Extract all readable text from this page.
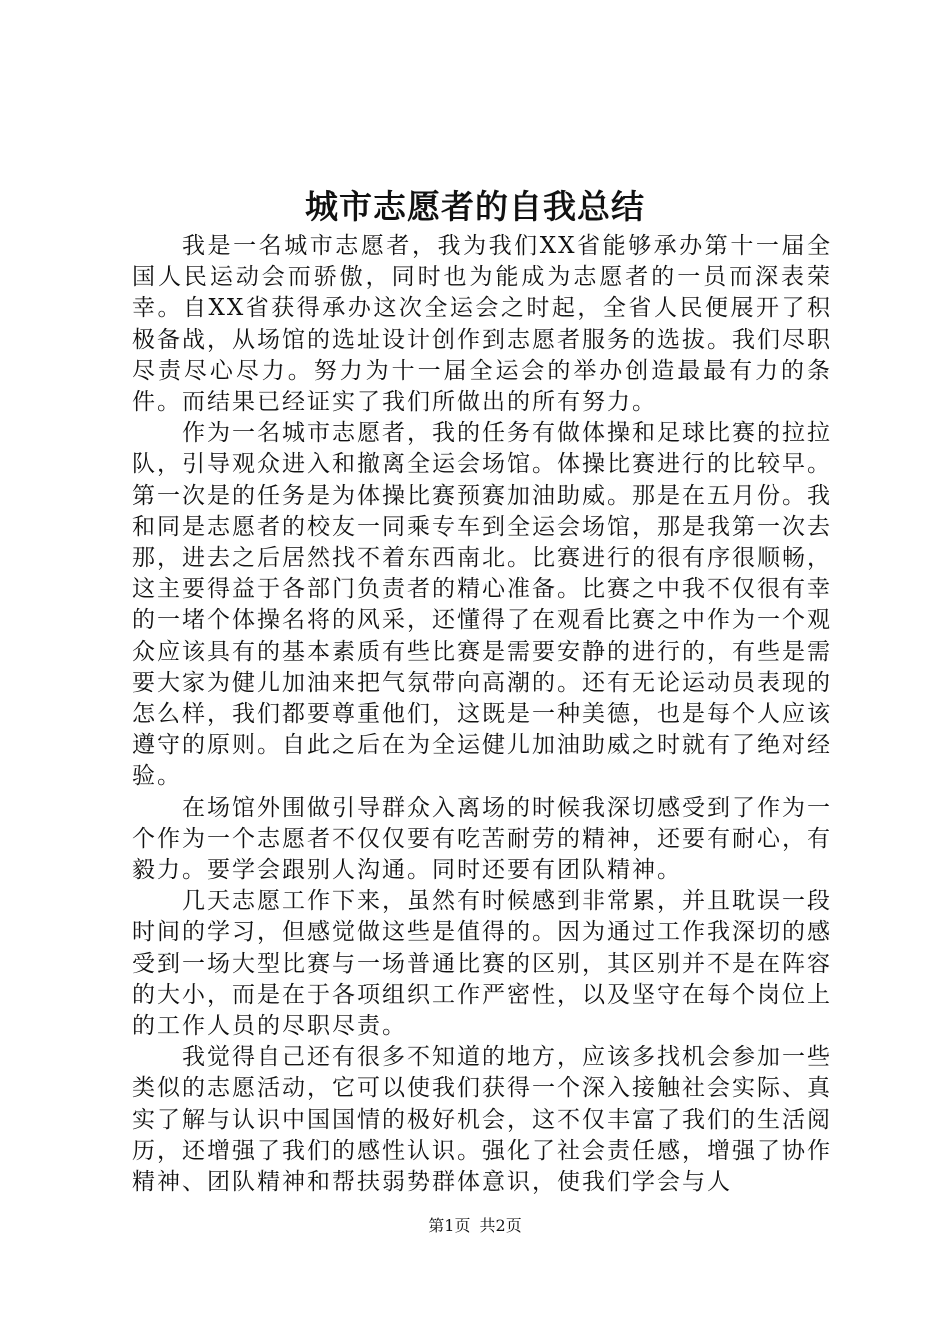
城市志愿者的自我总结

我是一名城市志愿者，我为我们XX省能够承办第十一届全国人民运动会而骄傲，同时也为能成为志愿者的一员而深表荣幸。自XX省获得承办这次全运会之时起，全省人民便展开了积极备战，从场馆的选址设计创作到志愿者服务的选拔。我们尽职尽责尽心尽力。努力为十一届全运会的举办创造最最有力的条件。而结果已经证实了我们所做出的所有努力。

作为一名城市志愿者，我的任务有做体操和足球比赛的拉拉队，引导观众进入和撤离全运会场馆。体操比赛进行的比较早。第一次是的任务是为体操比赛预赛加油助威。那是在五月份。我和同是志愿者的校友一同乘专车到全运会场馆，那是我第一次去那，进去之后居然找不着东西南北。比赛进行的很有序很顺畅，这主要得益于各部门负责者的精心准备。比赛之中我不仅很有幸的一堵个体操名将的风采，还懂得了在观看比赛之中作为一个观众应该具有的基本素质有些比赛是需要安静的进行的，有些是需要大家为健儿加油来把气氛带向高潮的。还有无论运动员表现的怎么样，我们都要尊重他们，这既是一种美德，也是每个人应该遵守的原则。自此之后在为全运健儿加油助威之时就有了绝对经验。

在场馆外围做引导群众入离场的时候我深切感受到了作为一个作为一个志愿者不仅仅要有吃苦耐劳的精神，还要有耐心，有毅力。要学会跟别人沟通。同时还要有团队精神。

几天志愿工作下来，虽然有时候感到非常累，并且耽误一段时间的学习，但感觉做这些是值得的。因为通过工作我深切的感受到一场大型比赛与一场普通比赛的区别，其区别并不是在阵容的大小，而是在于各项组织工作严密性，以及坚守在每个岗位上的工作人员的尽职尽责。

我觉得自己还有很多不知道的地方，应该多找机会参加一些类似的志愿活动，它可以使我们获得一个深入接触社会实际、真实了解与认识中国国情的极好机会，这不仅丰富了我们的生活阅历，还增强了我们的感性认识。强化了社会责任感，增强了协作精神、团队精神和帮扶弱势群体意识，使我们学会与人

第1页 共2页
